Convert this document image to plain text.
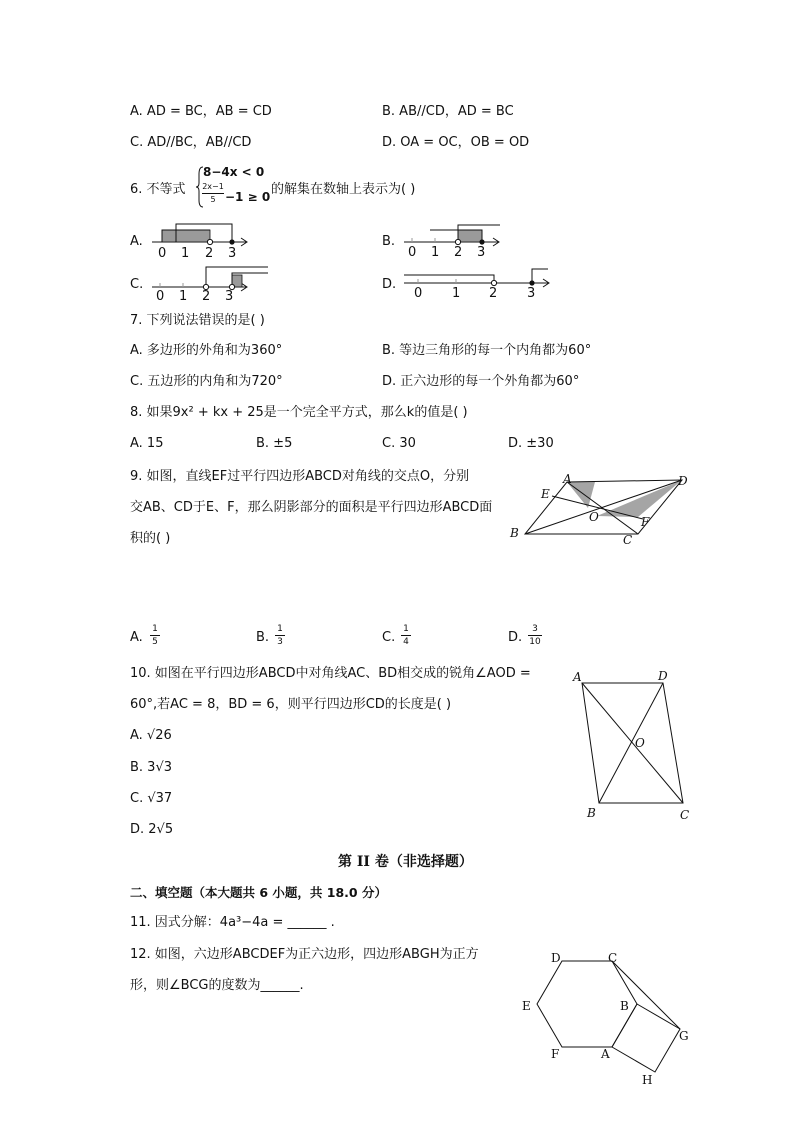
A. AD = BC，AB = CD	B. AB//CD，AD = BC
C. AD//BC，AB//CD	D. OA = OC，OB = OD
6. 不等式
8−4x < 0
2x−1
5 −1 ≥ 0 的解集在数轴上表示为( )
A.
0 1 2 3
B.
0 1 2 3
C.
0 1 2 3
D.
0 1 2 3
7. 下列说法错误的是( )
A. 多边形的外角和为360°	B. 等边三角形的每一个内角都为60°
C. 五边形的内角和为720°	D. 正六边形的每一个外角都为60°
8. 如果9x² + kx + 25是一个完全平方式，那么k的值是( )
A. 15	B. ±5	C. 30	D. ±30
9. 如图，直线EF过平行四边形ABCD对角线的交点O，分别
交AB、CD于E、F，那么阴影部分的面积是平行四边形ABCD面
积的( )
A	D
E
O	F
B	C
A.
1
5	B.
1
3	C.
1
4	D.
3
10
10. 如图在平行四边形ABCD中对角线AC、BD相交成的锐角∠AOD =
60°,若AC = 8，BD = 6，则平行四边形CD的长度是( )
A. √26
B. 3√3
C. √37
D. 2√5
A	D
O
B	C
第 II 卷（非选择题）
二、填空题（本大题共 6 小题，共 18.0 分）
11. 因式分解：4a³−4a = ______ .
12. 如图，六边形ABCDEF为正六边形，四边形ABGH为正方
形，则∠BCG的度数为______.
D	C
E	B
G
F	A
H
